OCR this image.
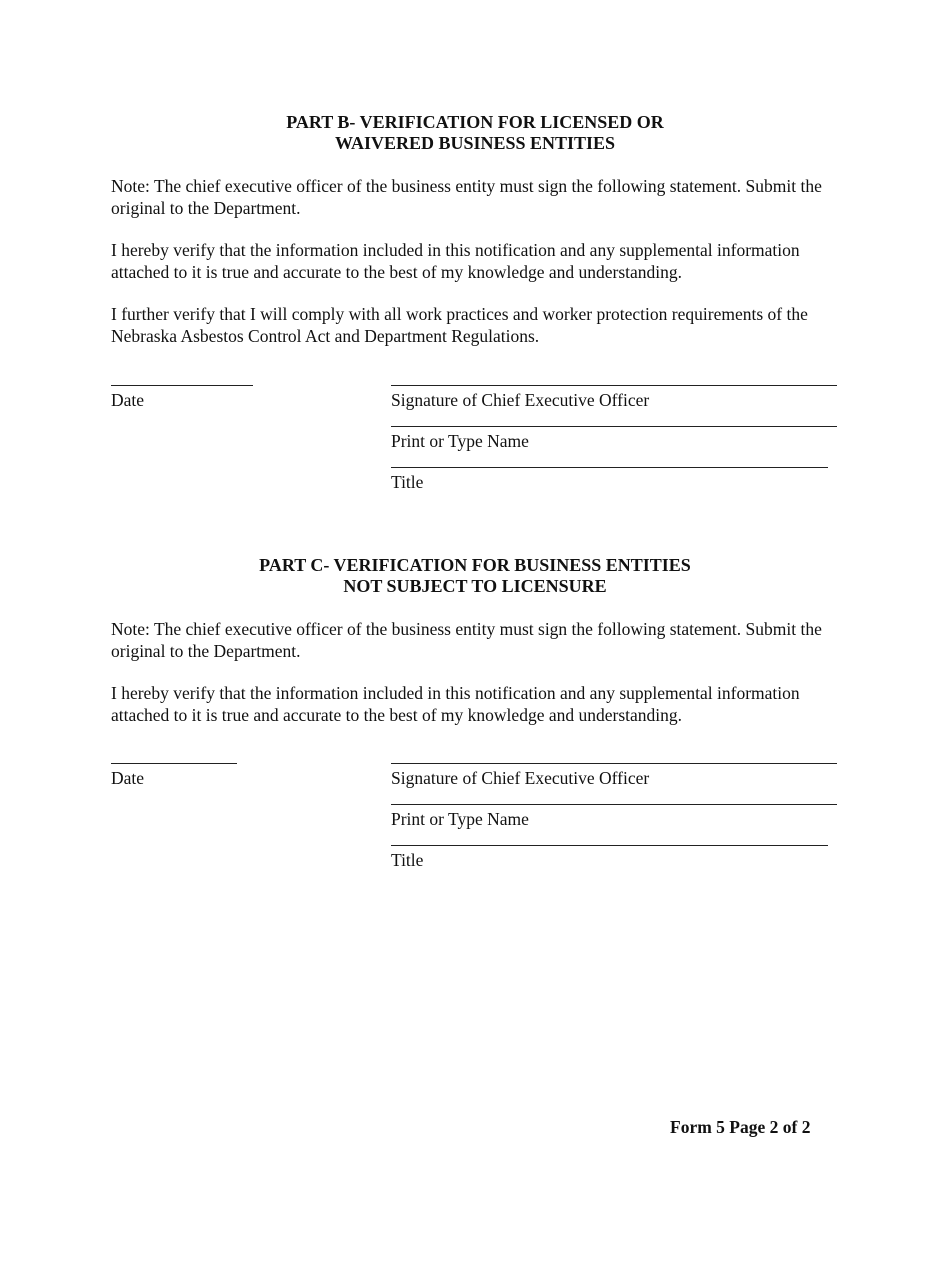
PART B- VERIFICATION FOR LICENSED OR
WAIVERED BUSINESS ENTITIES
Note: The chief executive officer of the business entity must sign the following statement. Submit the original to the Department.
I hereby verify that the information included in this notification and any supplemental information attached to it is true and accurate to the best of my knowledge and understanding.
I further verify that I will comply with all work practices and worker protection requirements of the Nebraska Asbestos Control Act and Department Regulations.
Date	Signature of Chief Executive Officer
Print or Type Name
Title
PART C- VERIFICATION FOR BUSINESS ENTITIES
NOT SUBJECT TO LICENSURE
Note: The chief executive officer of the business entity must sign the following statement. Submit the original to the Department.
I hereby verify that the information included in this notification and any supplemental information attached to it is true and accurate to the best of my knowledge and understanding.
Date	Signature of Chief Executive Officer
Print or Type Name
Title
Form 5 Page 2 of 2
